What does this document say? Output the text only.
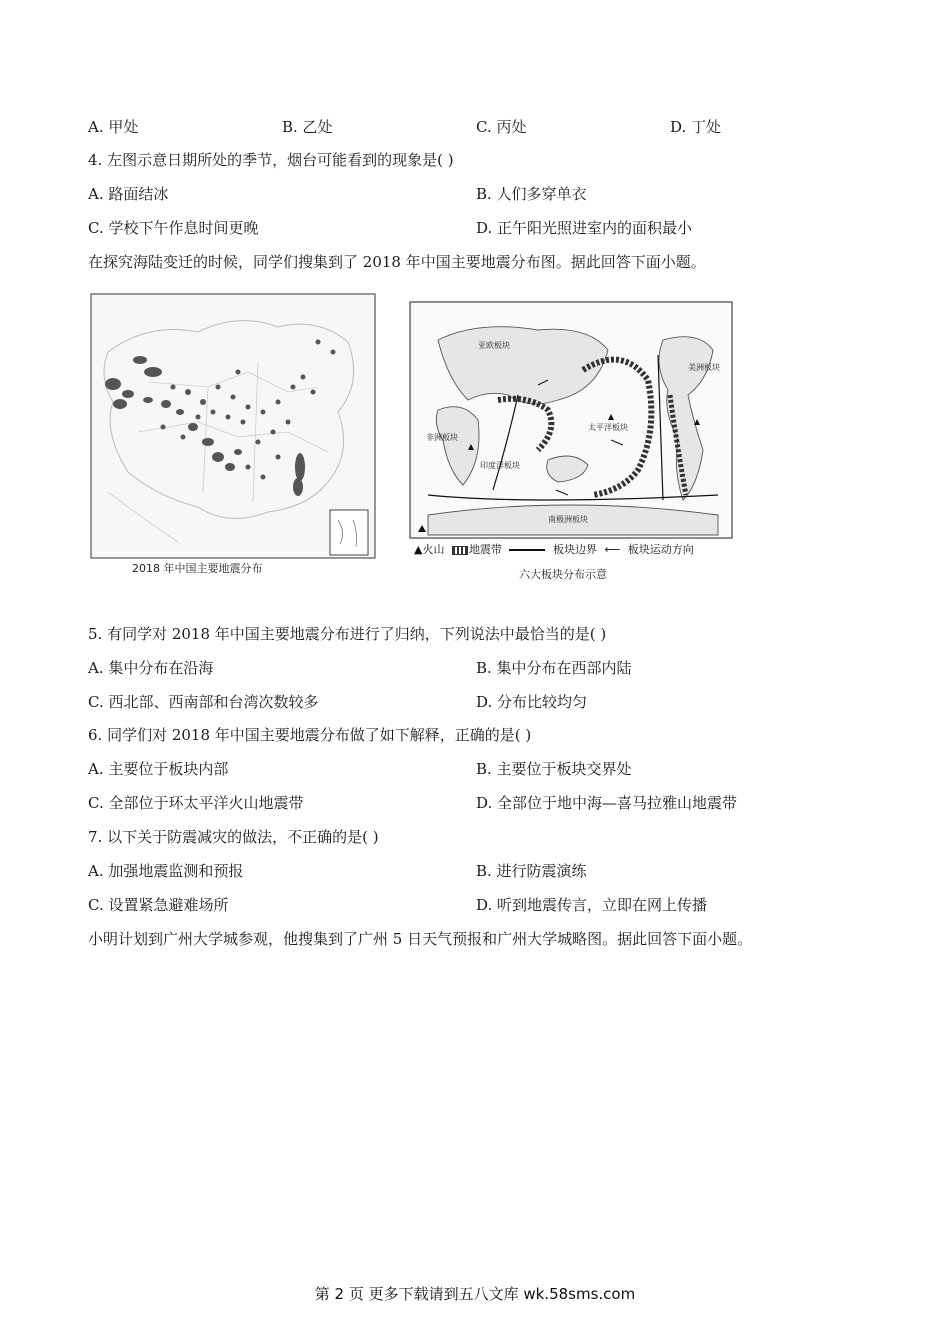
A. 甲处	B. 乙处	C. 丙处	D. 丁处
4. 左图示意日期所处的季节，烟台可能看到的现象是( )
A. 路面结冰	B. 人们多穿单衣
C. 学校下午作息时间更晚	D. 正午阳光照进室内的面积最小
在探究海陆变迁的时候，同学们搜集到了 2018 年中国主要地震分布图。据此回答下面小题。
2018 年中国主要地震分布
亚欧板块
非洲板块
印度洋板块
太平洋板块
美洲板块
南极洲板块
▲火山 地震带	板块边界 ⟵ 板块运动方向
六大板块分布示意
5. 有同学对 2018 年中国主要地震分布进行了归纳，下列说法中最恰当的是( )
A. 集中分布在沿海	B. 集中分布在西部内陆
C. 西北部、西南部和台湾次数较多	D. 分布比较均匀
6. 同学们对 2018 年中国主要地震分布做了如下解释，正确的是( )
A. 主要位于板块内部	B. 主要位于板块交界处
C. 全部位于环太平洋火山地震带	D. 全部位于地中海—喜马拉雅山地震带
7. 以下关于防震减灾的做法，不正确的是( )
A. 加强地震监测和预报	B. 进行防震演练
C. 设置紧急避难场所	D. 听到地震传言，立即在网上传播
小明计划到广州大学城参观，他搜集到了广州 5 日天气预报和广州大学城略图。据此回答下面小题。
第 2 页 更多下载请到五八文库 wk.58sms.com
